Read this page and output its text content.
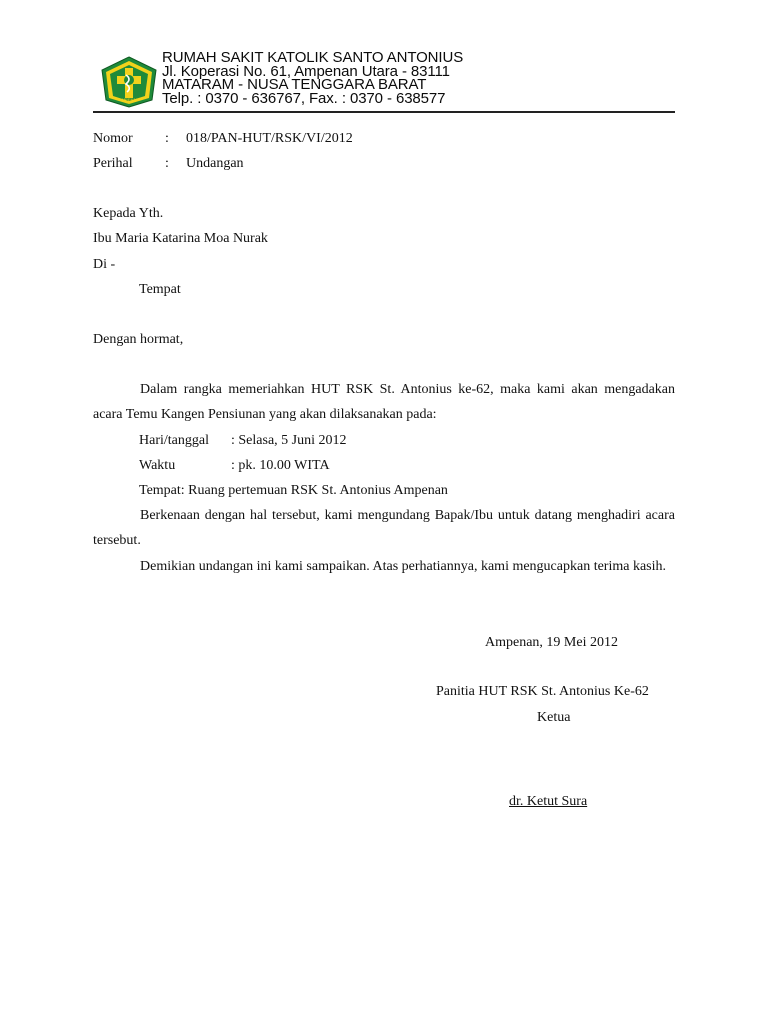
AMPENAN
RUMAH SAKIT KATOLIK SANTO ANTONIUS
Jl. Koperasi No. 61, Ampenan Utara - 83111
MATARAM - NUSA TENGGARA BARAT
Telp. : 0370 - 636767, Fax. : 0370 - 638577
Nomor : 018/PAN-HUT/RSK/VI/2012
Perihal : Undangan
Kepada Yth.
Ibu Maria Katarina Moa Nurak
Di -
Tempat
Dengan hormat,
Dalam rangka memeriahkan HUT RSK St. Antonius ke-62, maka kami akan mengadakan acara Temu Kangen Pensiunan yang akan dilaksanakan pada:
Hari/tanggal : Selasa, 5 Juni 2012
Waktu	: pk. 10.00 WITA
Tempat: Ruang pertemuan RSK St. Antonius Ampenan
Berkenaan dengan hal tersebut, kami mengundang Bapak/Ibu untuk datang menghadiri acara tersebut.
Demikian undangan ini kami sampaikan. Atas perhatiannya, kami mengucapkan terima kasih.
Ampenan, 19 Mei 2012
Panitia HUT RSK St. Antonius Ke-62
Ketua
dr. Ketut Sura
